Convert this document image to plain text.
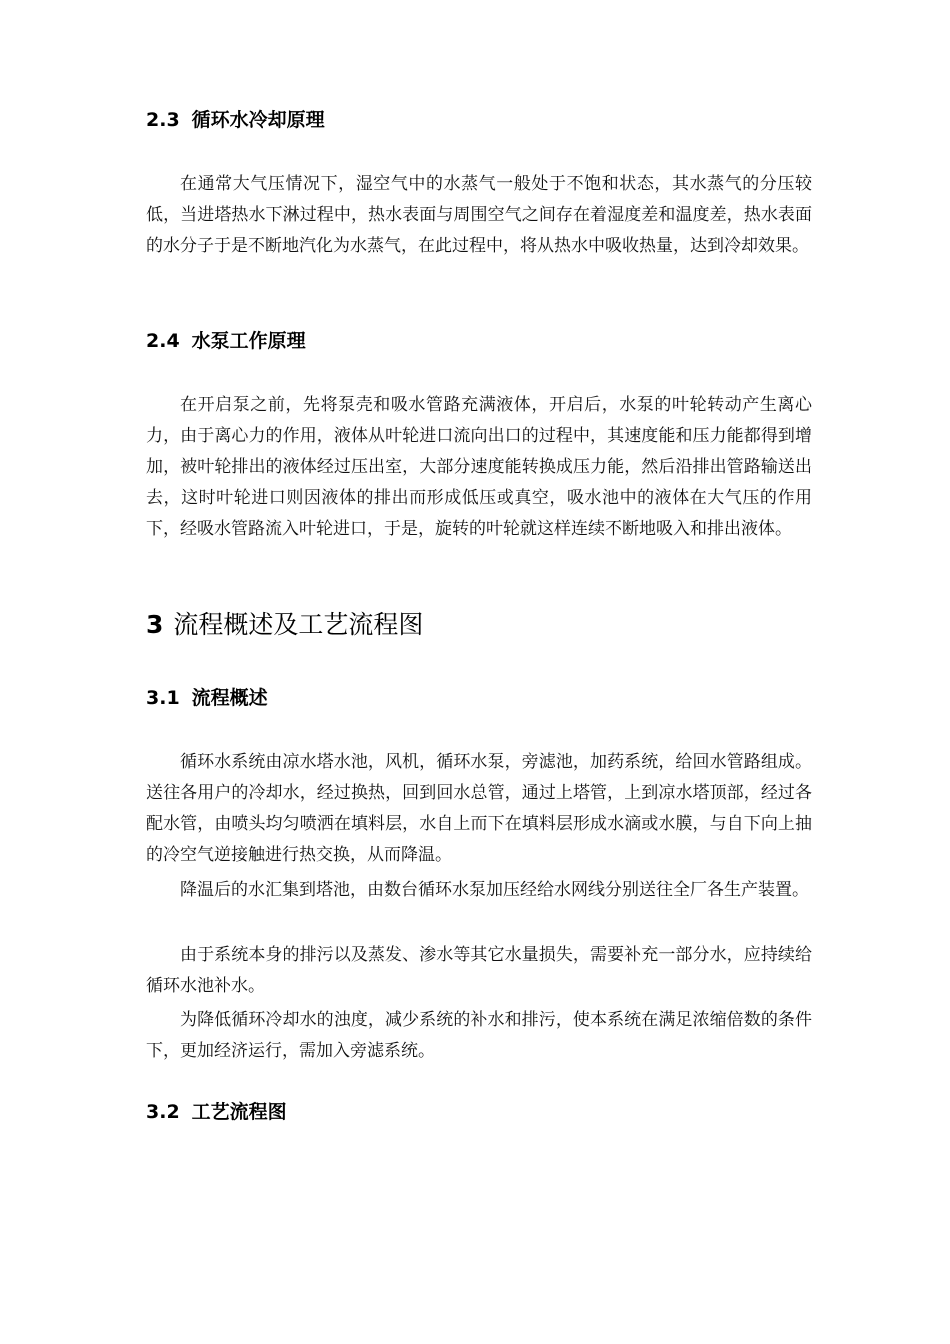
2.3 循环水冷却原理

在通常大气压情况下，湿空气中的水蒸气一般处于不饱和状态，其水蒸气的分压较低，当进塔热水下淋过程中，热水表面与周围空气之间存在着湿度差和温度差，热水表面的水分子于是不断地汽化为水蒸气，在此过程中，将从热水中吸收热量，达到冷却效果。

2.4 水泵工作原理

在开启泵之前，先将泵壳和吸水管路充满液体，开启后，水泵的叶轮转动产生离心力，由于离心力的作用，液体从叶轮进口流向出口的过程中，其速度能和压力能都得到增加，被叶轮排出的液体经过压出室，大部分速度能转换成压力能，然后沿排出管路输送出去，这时叶轮进口则因液体的排出而形成低压或真空，吸水池中的液体在大气压的作用下，经吸水管路流入叶轮进口，于是，旋转的叶轮就这样连续不断地吸入和排出液体。

3 流程概述及工艺流程图
3.1 流程概述

循环水系统由凉水塔水池，风机，循环水泵，旁滤池，加药系统，给回水管路组成。送往各用户的冷却水，经过换热，回到回水总管，通过上塔管，上到凉水塔顶部，经过各配水管，由喷头均匀喷洒在填料层，水自上而下在填料层形成水滴或水膜，与自下向上抽的冷空气逆接触进行热交换，从而降温。

降温后的水汇集到塔池，由数台循环水泵加压经给水网线分别送往全厂各生产装置。

由于系统本身的排污以及蒸发、渗水等其它水量损失，需要补充一部分水，应持续给循环水池补水。

为降低循环冷却水的浊度，减少系统的补水和排污，使本系统在满足浓缩倍数的条件下，更加经济运行，需加入旁滤系统。

3.2 工艺流程图
